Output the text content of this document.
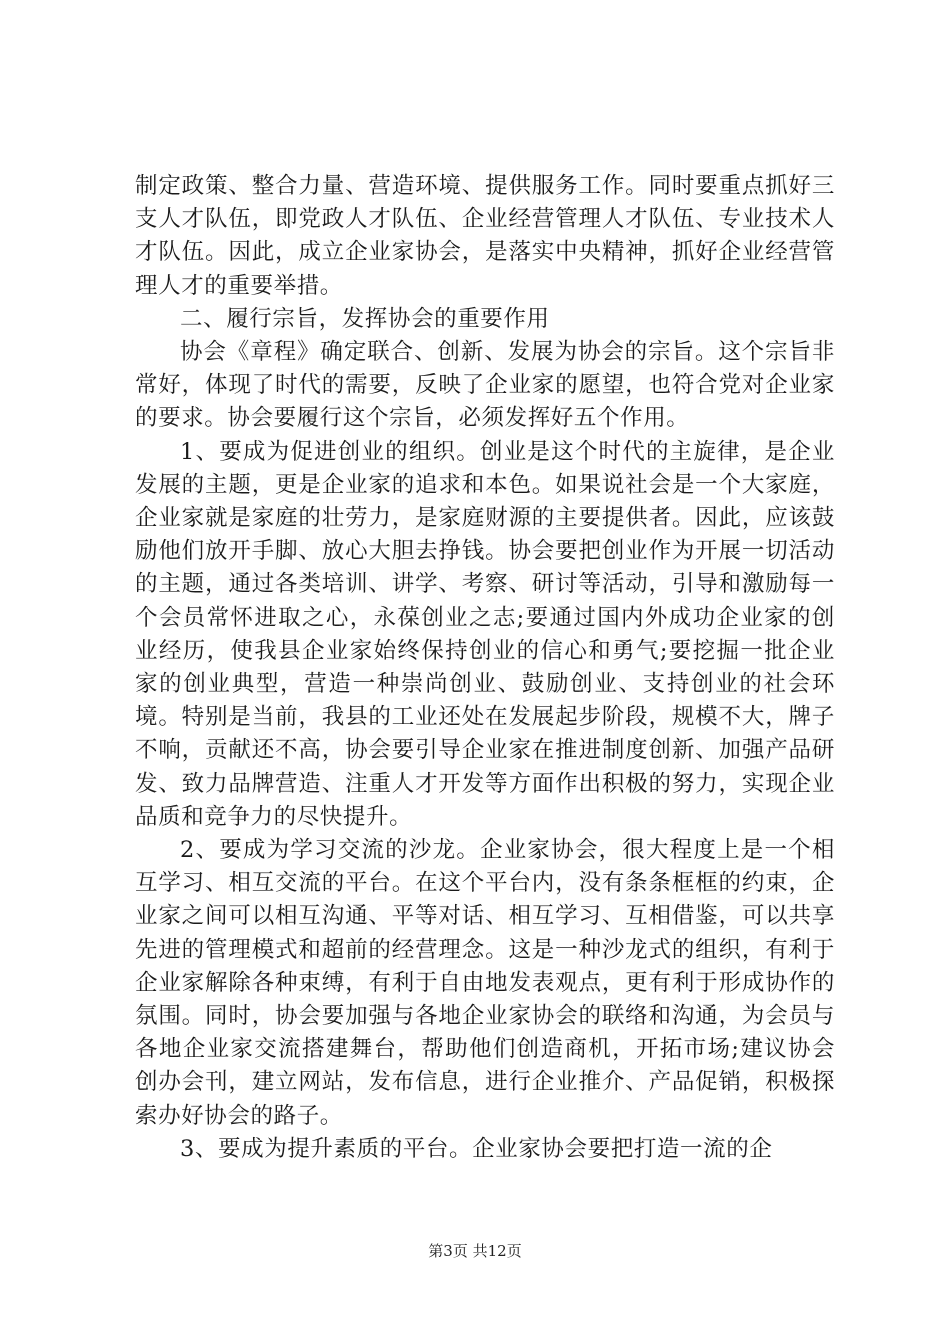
制定政策、整合力量、营造环境、提供服务工作。同时要重点抓好三支人才队伍，即党政人才队伍、企业经营管理人才队伍、专业技术人才队伍。因此，成立企业家协会，是落实中央精神，抓好企业经营管理人才的重要举措。

二、履行宗旨，发挥协会的重要作用

协会《章程》确定联合、创新、发展为协会的宗旨。这个宗旨非常好，体现了时代的需要，反映了企业家的愿望，也符合党对企业家的要求。协会要履行这个宗旨，必须发挥好五个作用。

1、要成为促进创业的组织。创业是这个时代的主旋律，是企业发展的主题，更是企业家的追求和本色。如果说社会是一个大家庭，企业家就是家庭的壮劳力，是家庭财源的主要提供者。因此，应该鼓励他们放开手脚、放心大胆去挣钱。协会要把创业作为开展一切活动的主题，通过各类培训、讲学、考察、研讨等活动，引导和激励每一个会员常怀进取之心，永葆创业之志;要通过国内外成功企业家的创业经历，使我县企业家始终保持创业的信心和勇气;要挖掘一批企业家的创业典型，营造一种崇尚创业、鼓励创业、支持创业的社会环境。特别是当前，我县的工业还处在发展起步阶段，规模不大，牌子不响，贡献还不高，协会要引导企业家在推进制度创新、加强产品研发、致力品牌营造、注重人才开发等方面作出积极的努力，实现企业品质和竞争力的尽快提升。

2、要成为学习交流的沙龙。企业家协会，很大程度上是一个相互学习、相互交流的平台。在这个平台内，没有条条框框的约束，企业家之间可以相互沟通、平等对话、相互学习、互相借鉴，可以共享先进的管理模式和超前的经营理念。这是一种沙龙式的组织，有利于企业家解除各种束缚，有利于自由地发表观点，更有利于形成协作的氛围。同时，协会要加强与各地企业家协会的联络和沟通，为会员与各地企业家交流搭建舞台，帮助他们创造商机，开拓市场;建议协会创办会刊，建立网站，发布信息，进行企业推介、产品促销，积极探索办好协会的路子。

3、要成为提升素质的平台。企业家协会要把打造一流的企

第3页 共12页
